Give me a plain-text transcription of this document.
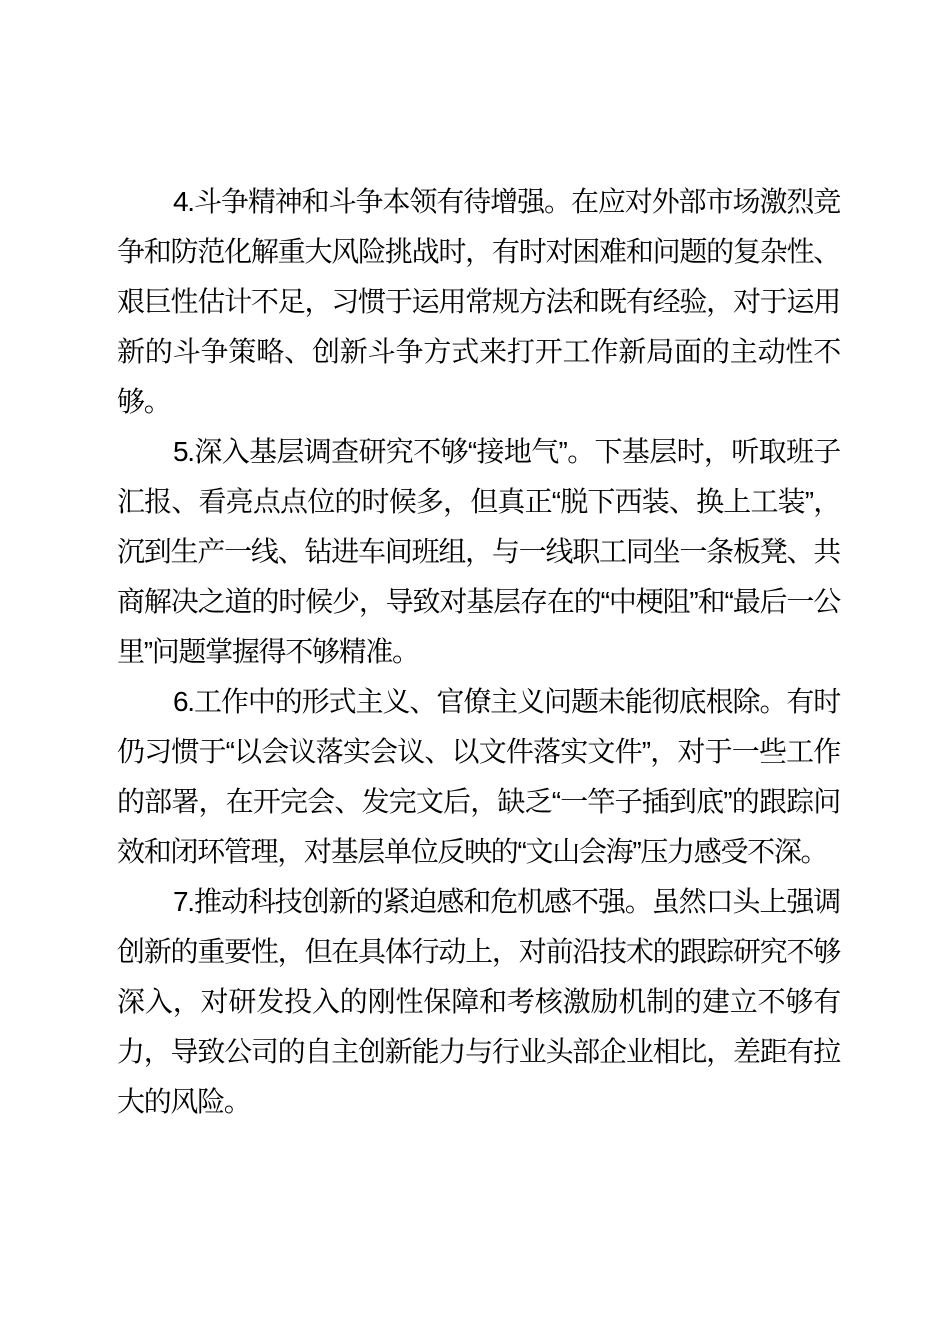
4.斗争精神和斗争本领有待增强。在应对外部市场激烈竞争和防范化解重大风险挑战时，有时对困难和问题的复杂性、艰巨性估计不足，习惯于运用常规方法和既有经验，对于运用新的斗争策略、创新斗争方式来打开工作新局面的主动性不够。

5.深入基层调查研究不够“接地气”。下基层时，听取班子汇报、看亮点点位的时候多，但真正“脱下西装、换上工装”，沉到生产一线、钻进车间班组，与一线职工同坐一条板凳、共商解决之道的时候少，导致对基层存在的“中梗阻”和“最后一公里”问题掌握得不够精准。

6.工作中的形式主义、官僚主义问题未能彻底根除。有时仍习惯于“以会议落实会议、以文件落实文件”，对于一些工作的部署，在开完会、发完文后，缺乏“一竿子插到底”的跟踪问效和闭环管理，对基层单位反映的“文山会海”压力感受不深。

7.推动科技创新的紧迫感和危机感不强。虽然口头上强调创新的重要性，但在具体行动上，对前沿技术的跟踪研究不够深入，对研发投入的刚性保障和考核激励机制的建立不够有力，导致公司的自主创新能力与行业头部企业相比，差距有拉大的风险。
